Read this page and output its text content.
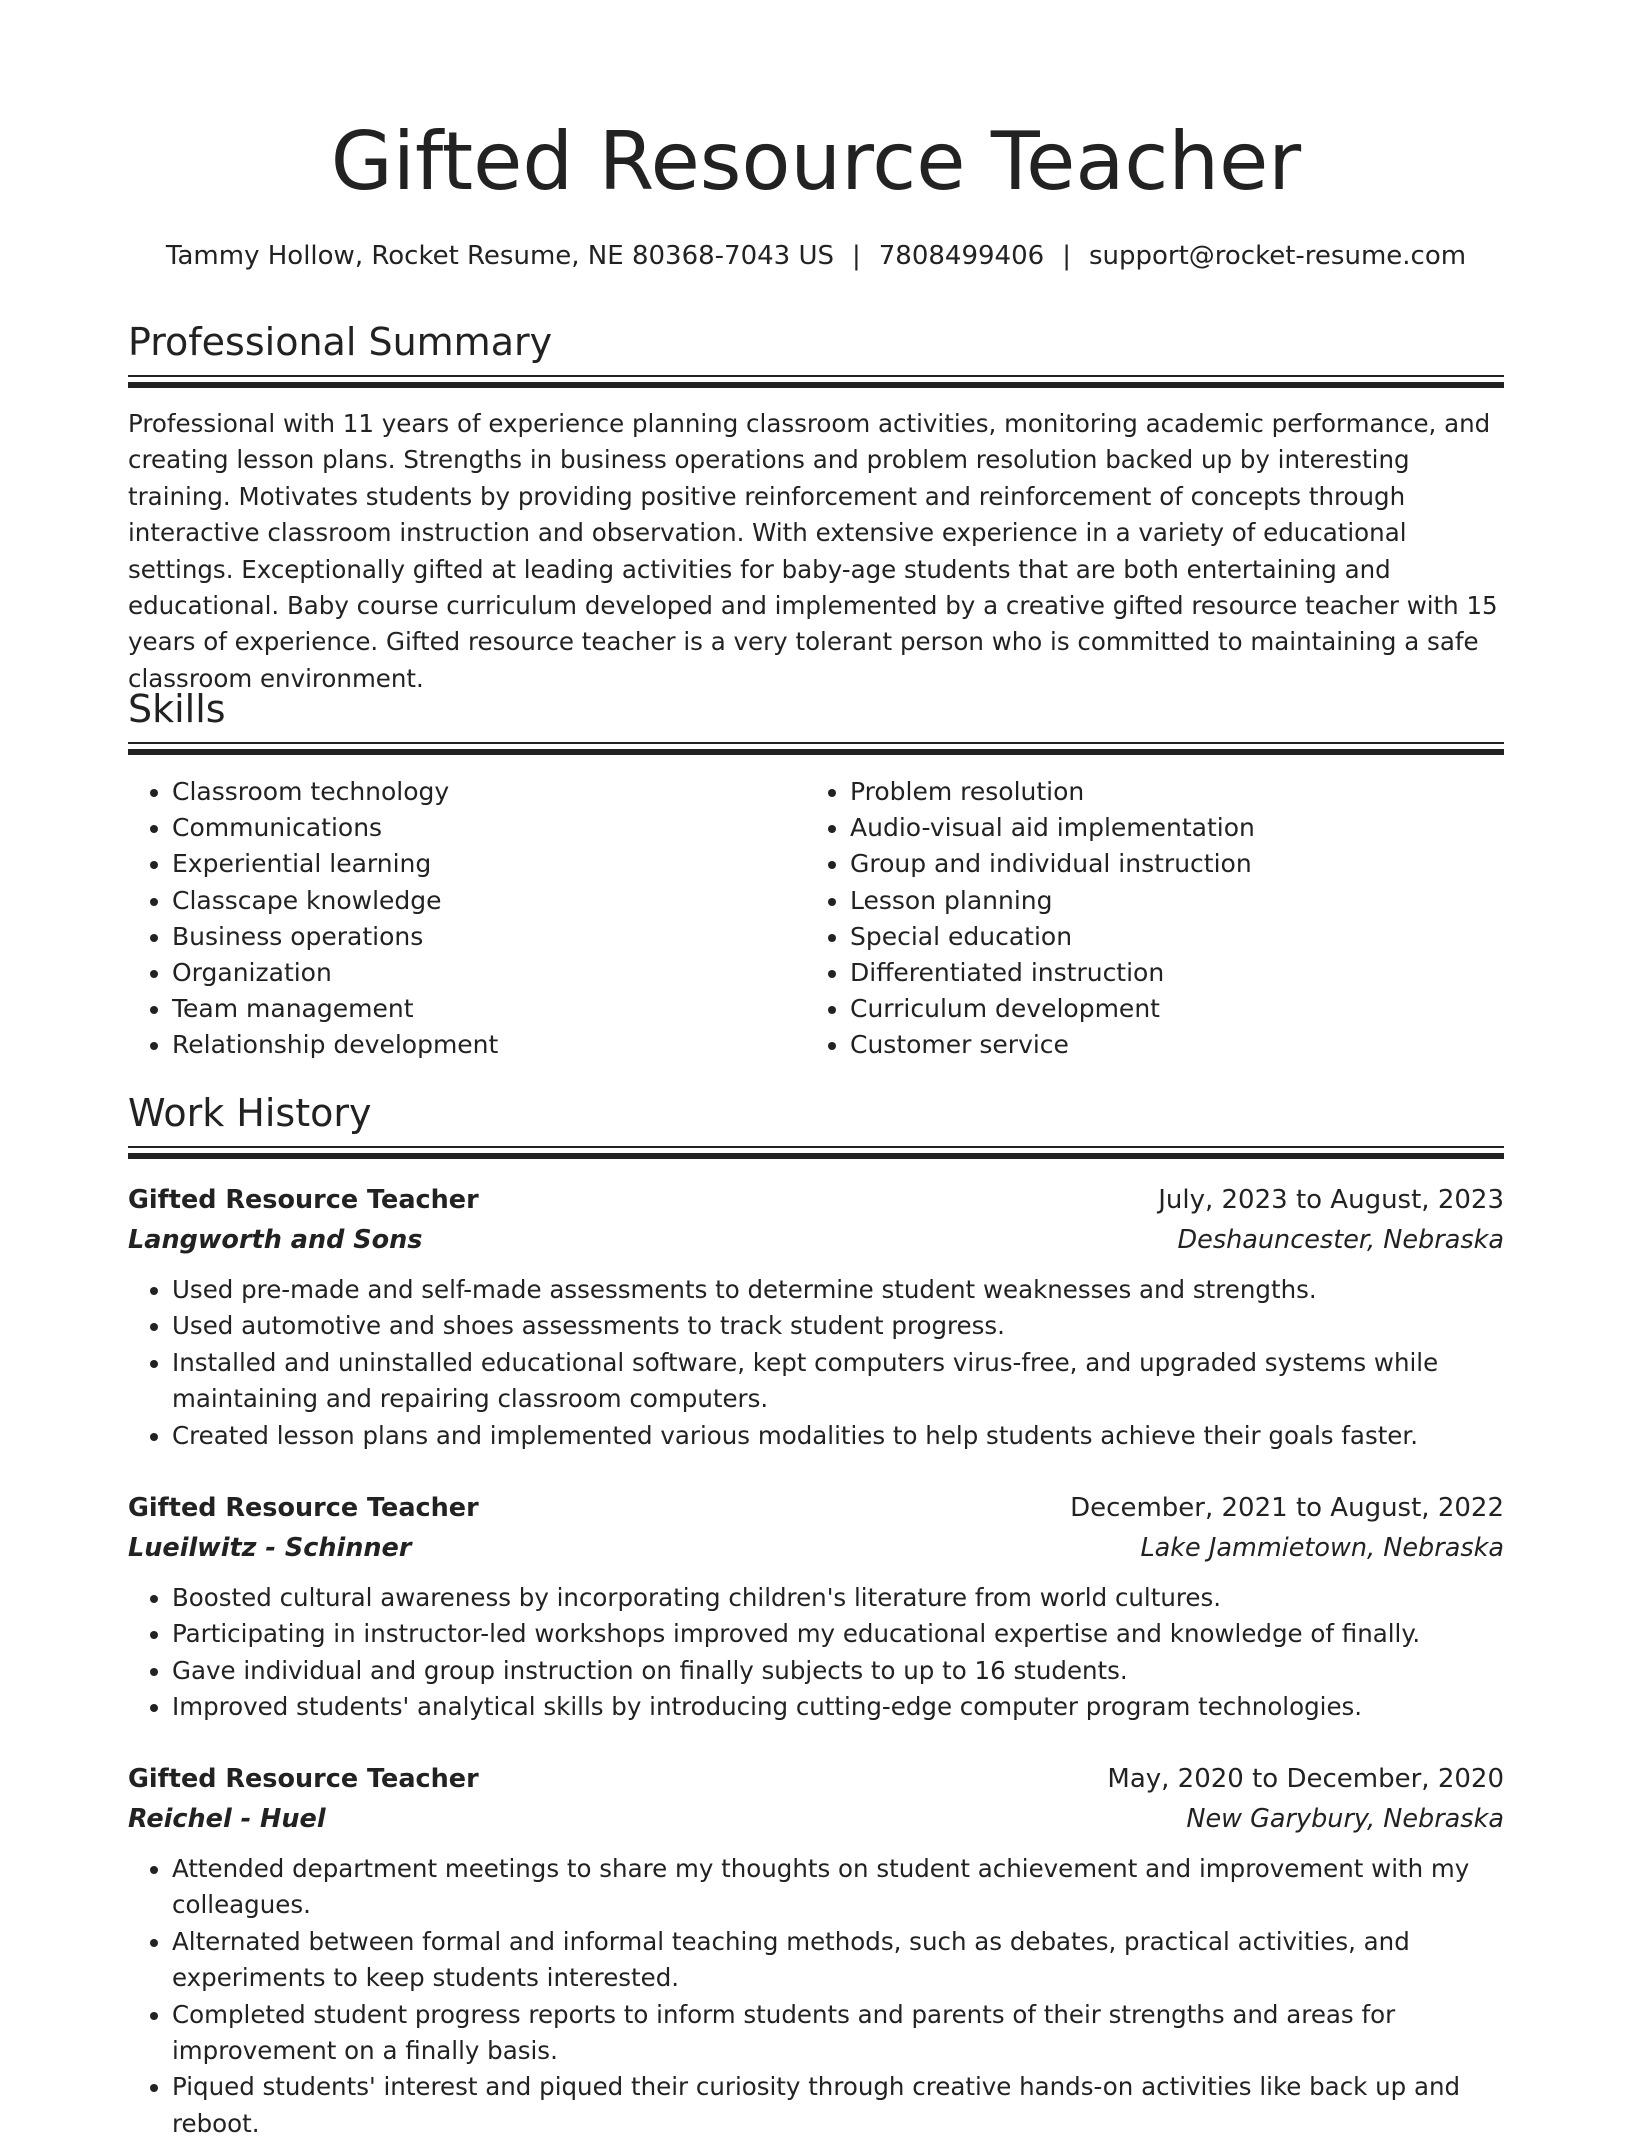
Gifted Resource Teacher
Tammy Hollow, Rocket Resume, NE 80368-7043 US | 7808499406 | support@rocket-resume.com
Professional Summary

Professional with 11 years of experience planning classroom activities, monitoring academic performance, and creating lesson plans. Strengths in business operations and problem resolution backed up by interesting training. Motivates students by providing positive reinforcement and reinforcement of concepts through interactive classroom instruction and observation. With extensive experience in a variety of educational settings. Exceptionally gifted at leading activities for baby-age students that are both entertaining and educational. Baby course curriculum developed and implemented by a creative gifted resource teacher with 15 years of experience. Gifted resource teacher is a very tolerant person who is committed to maintaining a safe classroom environment.

Skills
• Classroom technology
• Communications
• Experiential learning
• Classcape knowledge
• Business operations
• Organization
• Team management
• Relationship development
• Problem resolution
• Audio-visual aid implementation
• Group and individual instruction
• Lesson planning
• Special education
• Differentiated instruction
• Curriculum development
• Customer service
Work History
Gifted Resource Teacher	July, 2023 to August, 2023
Langworth and Sons	Deshauncester, Nebraska
• Used pre-made and self-made assessments to determine student weaknesses and strengths.
• Used automotive and shoes assessments to track student progress.
• Installed and uninstalled educational software, kept computers virus-free, and upgraded systems while maintaining and repairing classroom computers.
• Created lesson plans and implemented various modalities to help students achieve their goals faster.
Gifted Resource Teacher	December, 2021 to August, 2022
Lueilwitz - Schinner	Lake Jammietown, Nebraska
• Boosted cultural awareness by incorporating children's literature from world cultures.
• Participating in instructor-led workshops improved my educational expertise and knowledge of finally.
• Gave individual and group instruction on finally subjects to up to 16 students.
• Improved students' analytical skills by introducing cutting-edge computer program technologies.
Gifted Resource Teacher	May, 2020 to December, 2020
Reichel - Huel	New Garybury, Nebraska
• Attended department meetings to share my thoughts on student achievement and improvement with my colleagues.
• Alternated between formal and informal teaching methods, such as debates, practical activities, and experiments to keep students interested.
• Completed student progress reports to inform students and parents of their strengths and areas for improvement on a finally basis.
• Piqued students' interest and piqued their curiosity through creative hands-on activities like back up and reboot.
